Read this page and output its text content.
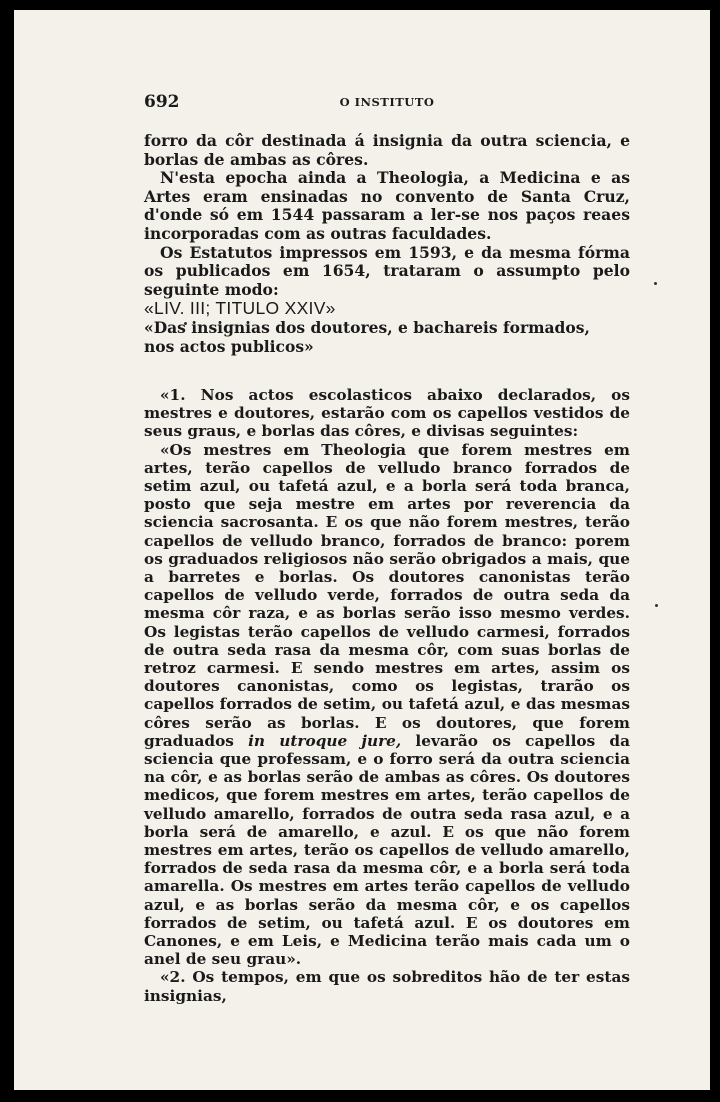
692	O INSTITUTO

forro da côr destinada á insignia da outra sciencia, e borlas de ambas as côres.

N'esta epocha ainda a Theologia, a Medicina e as Artes eram ensinadas no convento de Santa Cruz, d'onde só em 1544 passaram a ler-se nos paços reaes incorporadas com as outras faculdades.

Os Estatutos impressos em 1593, e da mesma fórma os publicados em 1654, trataram o assumpto pelo seguinte modo:

«LIV. III; TITULO XXIV»

«Das insignias dos doutores, e bachareis formados,
nos actos publicos»

«1. Nos actos escolasticos abaixo declarados, os mestres e doutores, estarão com os capellos vestidos de seus graus, e borlas das côres, e divisas seguintes:

«Os mestres em Theologia que forem mestres em artes, terão capellos de velludo branco forrados de setim azul, ou tafetá azul, e a borla será toda branca, posto que seja mestre em artes por reverencia da sciencia sacrosanta. E os que não forem mestres, terão capellos de velludo branco, forrados de branco: porem os graduados religiosos não serão obrigados a mais, que a barretes e borlas. Os doutores canonistas terão capellos de velludo verde, forrados de outra seda da mesma côr raza, e as borlas serão isso mesmo verdes. Os legistas terão capellos de velludo carmesi, forrados de outra seda rasa da mesma côr, com suas borlas de retroz carmesi. E sendo mestres em artes, assim os doutores canonistas, como os legistas, trarão os capellos forrados de setim, ou tafetá azul, e das mesmas côres serão as borlas. E os doutores, que forem graduados in utroque jure, levarão os capellos da sciencia que professam, e o forro será da outra sciencia na côr, e as borlas serão de ambas as côres. Os doutores medicos, que forem mestres em artes, terão capellos de velludo amarello, forrados de outra seda rasa azul, e a borla será de amarello, e azul. E os que não forem mestres em artes, terão os capellos de velludo amarello, forrados de seda rasa da mesma côr, e a borla será toda amarella. Os mestres em artes terão capellos de velludo azul, e as borlas serão da mesma côr, e os capellos forrados de setim, ou tafetá azul. E os doutores em Canones, e em Leis, e Medicina terão mais cada um o anel de seu grau».

«2. Os tempos, em que os sobreditos hão de ter estas insignias,
